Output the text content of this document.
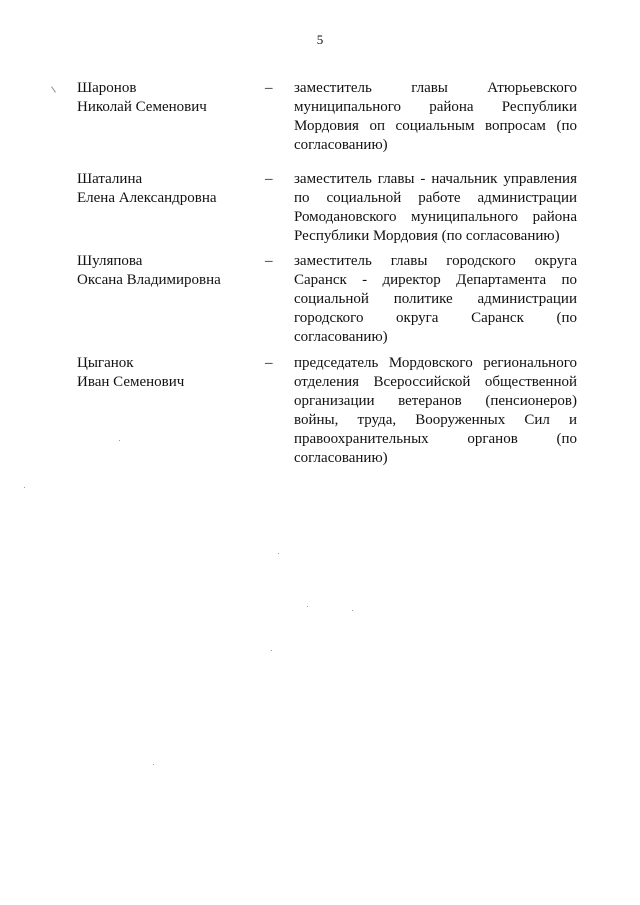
5
Шаронов
Николай Семенович
– заместитель главы Атюрьевского муниципального района Республики Мордовия оп социальным вопросам (по согласованию)
Шаталина
Елена Александровна
– заместитель главы - начальник управления по социальной работе администрации Ромодановского муниципального района Республики Мордовия (по согласованию)
Шуляпова
Оксана Владимировна
– заместитель главы городского округа Саранск - директор Департамента по социальной политике администрации городского округа Саранск (по согласованию)
Цыганок
Иван Семенович
– председатель Мордовского регионального отделения Всероссийской общественной организации ветеранов (пенсионеров) войны, труда, Вооруженных Сил и правоохранительных органов (по согласованию)
